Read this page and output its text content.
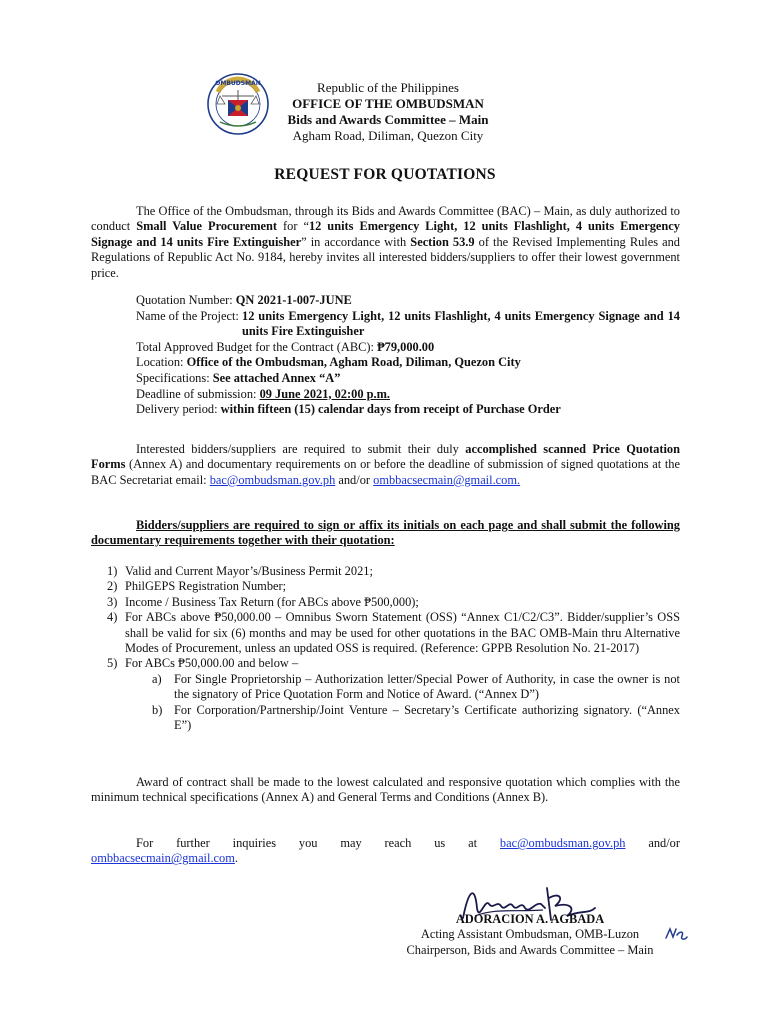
OMBUDSMAN	Republic of the Philippines
OFFICE OF THE OMBUDSMAN
Bids and Awards Committee – Main
Agham Road, Diliman, Quezon City
REQUEST FOR QUOTATIONS
The Office of the Ombudsman, through its Bids and Awards Committee (BAC) – Main, as duly authorized to conduct Small Value Procurement for “12 units Emergency Light, 12 units Flashlight, 4 units Emergency Signage and 14 units Fire Extinguisher” in accordance with Section 53.9 of the Revised Implementing Rules and Regulations of Republic Act No. 9184, hereby invites all interested bidders/suppliers to offer their lowest government price.
Quotation Number: QN 2021-1-007-JUNE
Name of the Project:
12 units Emergency Light, 12 units Flashlight, 4 units Emergency Signage and 14 units Fire Extinguisher
Total Approved Budget for the Contract (ABC): ₱79,000.00
Location: Office of the Ombudsman, Agham Road, Diliman, Quezon City
Specifications: See attached Annex “A”
Deadline of submission: 09 June 2021, 02:00 p.m.
Delivery period: within fifteen (15) calendar days from receipt of Purchase Order
Interested bidders/suppliers are required to submit their duly accomplished scanned Price Quotation Forms (Annex A) and documentary requirements on or before the deadline of submission of signed quotations at the BAC Secretariat email: bac@ombudsman.gov.ph and/or ombbacsecmain@gmail.com.
Bidders/suppliers are required to sign or affix its initials on each page and shall submit the following documentary requirements together with their quotation:
1) Valid and Current Mayor’s/Business Permit 2021;
2) PhilGEPS Registration Number;
3) Income / Business Tax Return (for ABCs above ₱500,000);
4) For ABCs above ₱50,000.00 – Omnibus Sworn Statement (OSS) “Annex C1/C2/C3”. Bidder/supplier’s OSS shall be valid for six (6) months and may be used for other quotations in the BAC OMB-Main thru Alternative Modes of Procurement, unless an updated OSS is required. (Reference: GPPB Resolution No. 21-2017)
5) For ABCs ₱50,000.00 and below –
a) For Single Proprietorship – Authorization letter/Special Power of Authority, in case the owner is not the signatory of Price Quotation Form and Notice of Award. (“Annex D”)
b) For Corporation/Partnership/Joint Venture – Secretary’s Certificate authorizing signatory. (“Annex E”)
Award of contract shall be made to the lowest calculated and responsive quotation which complies with the minimum technical specifications (Annex A) and General Terms and Conditions (Annex B).
For further inquiries you may reach us at bac@ombudsman.gov.ph and/or ombbacsecmain@gmail.com.
ADORACION A. AGBADA
Acting Assistant Ombudsman, OMB-Luzon
Chairperson, Bids and Awards Committee – Main
